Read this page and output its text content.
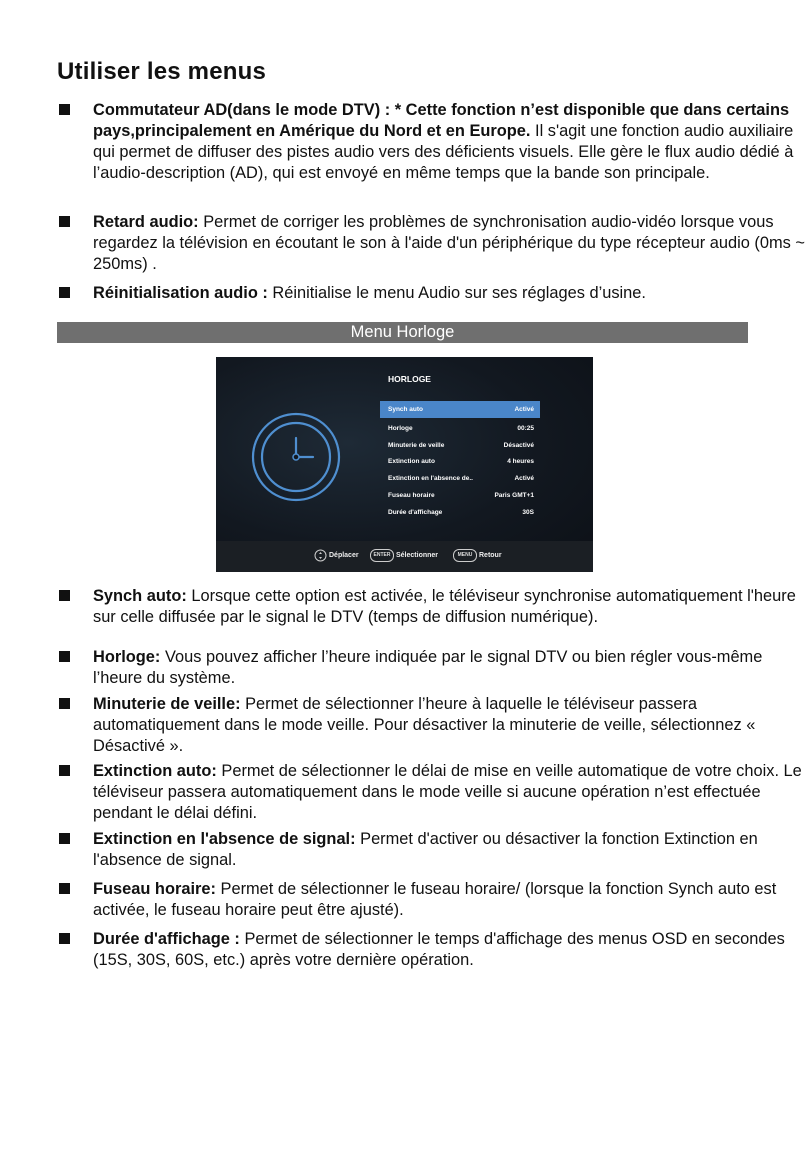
Utiliser les menus
Commutateur AD(dans le mode DTV) : * Cette fonction n’est disponible que dans certains pays,principalement en Amérique du Nord et en Europe. Il s'agit une fonction audio auxiliaire qui permet de diffuser des pistes audio vers des déficients visuels. Elle gère le flux audio dédié à l’audio-description (AD), qui est envoyé en même temps que la bande son principale.
Retard audio: Permet de corriger les problèmes de synchronisation audio-vidéo lorsque vous regardez la télévision en écoutant le son à l'aide d'un périphérique du type récepteur audio (0ms ~ 250ms) .
Réinitialisation audio : Réinitialise le menu Audio sur ses réglages d’usine.
Menu Horloge
HORLOGE
Synch auto	Activé
Horloge	00:25
Minuterie de veille	Désactivé
Extinction auto	4 heures
Extinction en l'absence de..	Activé
Fuseau horaire	Paris GMT+1
Durée d'affichage	30S
Déplacer	ENTER Sélectionner	MENU Retour
Synch auto: Lorsque cette option est activée, le téléviseur synchronise automatiquement l'heure sur celle diffusée par le signal le DTV (temps de diffusion numérique).
Horloge: Vous pouvez afficher l’heure indiquée par le signal DTV ou bien régler vous-même l’heure du système.
Minuterie de veille: Permet de sélectionner l’heure à laquelle le téléviseur passera automatiquement dans le mode veille. Pour désactiver la minuterie de veille, sélectionnez « Désactivé ».
Extinction auto: Permet de sélectionner le délai de mise en veille automatique de votre choix. Le téléviseur passera automatiquement dans le mode veille si aucune opération n’est effectuée pendant le délai défini.
Extinction en l'absence de signal: Permet d'activer ou désactiver la fonction Extinction en l'absence de signal.
Fuseau horaire: Permet de sélectionner le fuseau horaire/ (lorsque la fonction Synch auto est activée, le fuseau horaire peut être ajusté).
Durée d'affichage : Permet de sélectionner le temps d'affichage des menus OSD en secondes (15S, 30S, 60S, etc.) après votre dernière opération.
